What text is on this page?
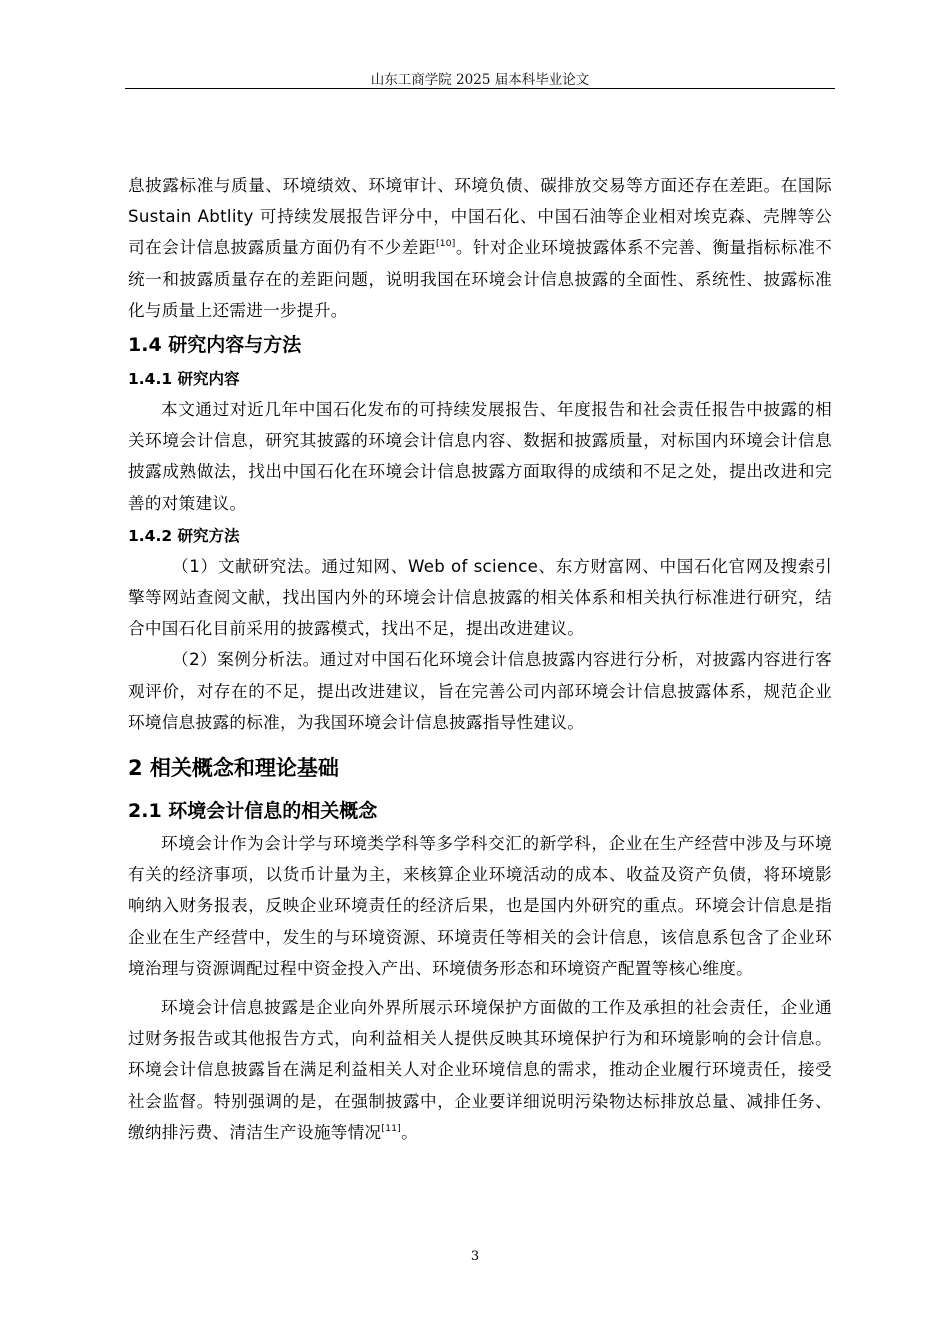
山东工商学院 2025 届本科毕业论文

息披露标准与质量、环境绩效、环境审计、环境负债、碳排放交易等方面还存在差距。在国际 Sustain Abtlity 可持续发展报告评分中，中国石化、中国石油等企业相对埃克森、壳牌等公司在会计信息披露质量方面仍有不少差距[10]。针对企业环境披露体系不完善、衡量指标标准不统一和披露质量存在的差距问题，说明我国在环境会计信息披露的全面性、系统性、披露标准化与质量上还需进一步提升。

1.4 研究内容与方法
1.4.1 研究内容

本文通过对近几年中国石化发布的可持续发展报告、年度报告和社会责任报告中披露的相关环境会计信息，研究其披露的环境会计信息内容、数据和披露质量，对标国内环境会计信息披露成熟做法，找出中国石化在环境会计信息披露方面取得的成绩和不足之处，提出改进和完善的对策建议。

1.4.2 研究方法

（1）文献研究法。通过知网、Web of science、东方财富网、中国石化官网及搜索引擎等网站查阅文献，找出国内外的环境会计信息披露的相关体系和相关执行标准进行研究，结合中国石化目前采用的披露模式，找出不足，提出改进建议。

（2）案例分析法。通过对中国石化环境会计信息披露内容进行分析，对披露内容进行客观评价，对存在的不足，提出改进建议，旨在完善公司内部环境会计信息披露体系，规范企业环境信息披露的标准，为我国环境会计信息披露指导性建议。

2 相关概念和理论基础
2.1 环境会计信息的相关概念

环境会计作为会计学与环境类学科等多学科交汇的新学科，企业在生产经营中涉及与环境有关的经济事项，以货币计量为主，来核算企业环境活动的成本、收益及资产负债，将环境影响纳入财务报表，反映企业环境责任的经济后果，也是国内外研究的重点。环境会计信息是指企业在生产经营中，发生的与环境资源、环境责任等相关的会计信息，该信息系包含了企业环境治理与资源调配过程中资金投入产出、环境债务形态和环境资产配置等核心维度。

环境会计信息披露是企业向外界所展示环境保护方面做的工作及承担的社会责任，企业通过财务报告或其他报告方式，向利益相关人提供反映其环境保护行为和环境影响的会计信息。环境会计信息披露旨在满足利益相关人对企业环境信息的需求，推动企业履行环境责任，接受社会监督。特别强调的是，在强制披露中，企业要详细说明污染物达标排放总量、减排任务、缴纳排污费、清洁生产设施等情况[11]。

3
